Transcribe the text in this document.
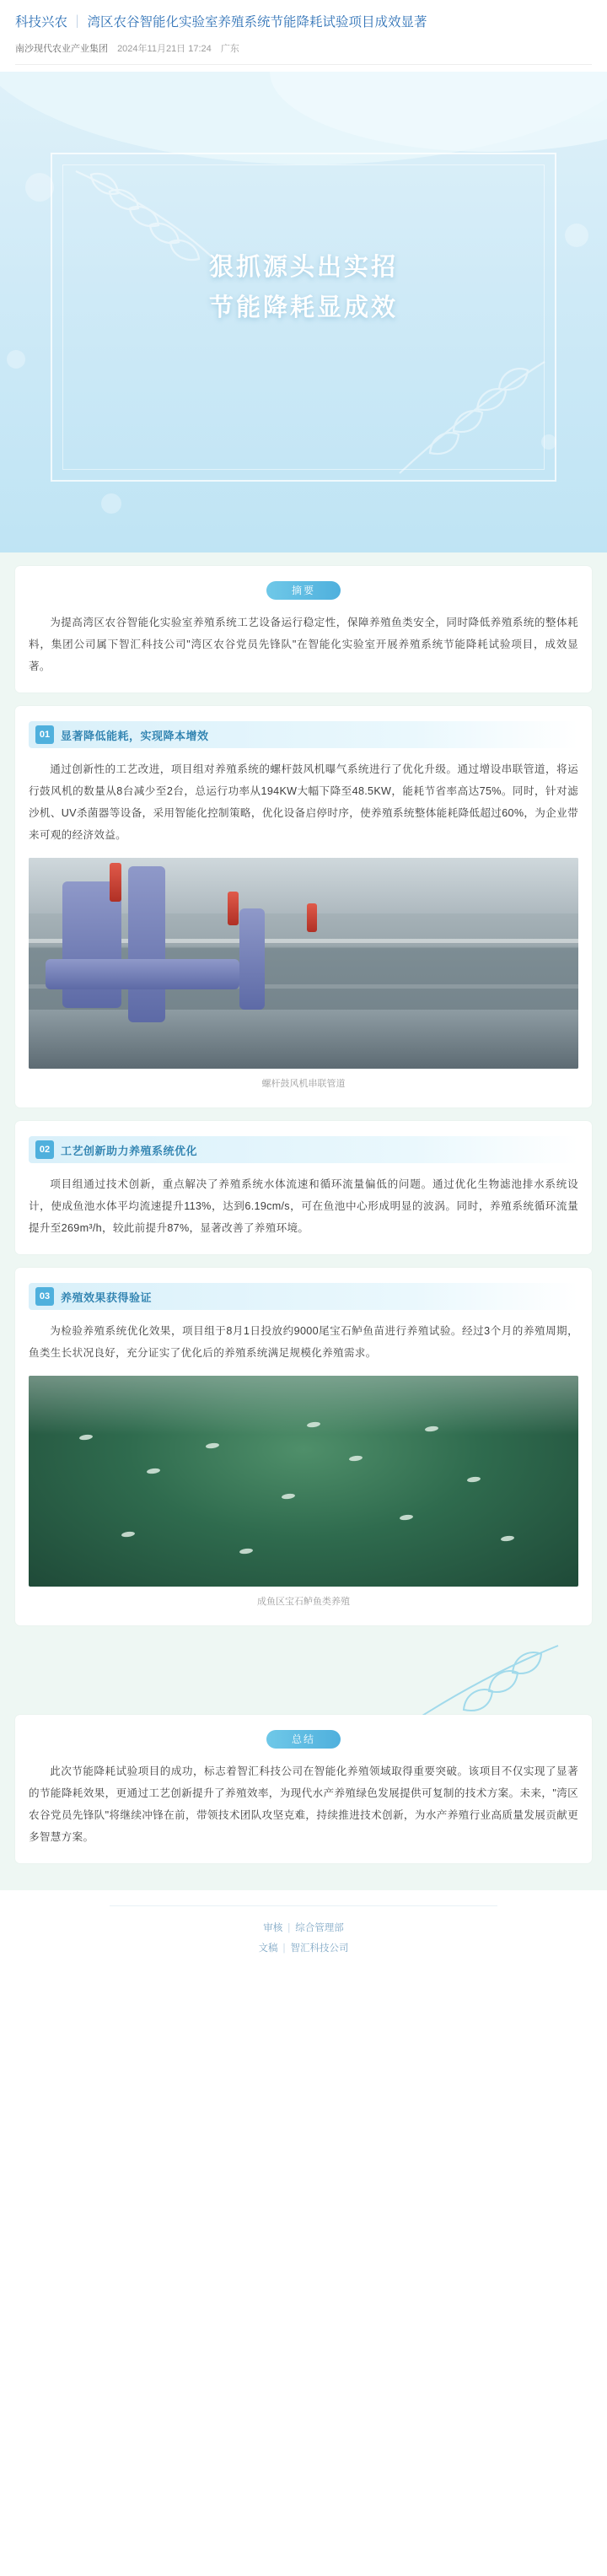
科技兴农 ｜ 湾区农谷智能化实验室养殖系统节能降耗试验项目成效显著
南沙现代农业产业集团 2024年11月21日 17:24 广东
狠抓源头出实招
节能降耗显成效
摘要

为提高湾区农谷智能化实验室养殖系统工艺设备运行稳定性，保障养殖鱼类安全，同时降低养殖系统的整体耗料，集团公司属下智汇科技公司"湾区农谷党员先锋队"在智能化实验室开展养殖系统节能降耗试验项目，成效显著。

01 显著降低能耗，实现降本增效

通过创新性的工艺改进，项目组对养殖系统的螺杆鼓风机曝气系统进行了优化升级。通过增设串联管道，将运行鼓风机的数量从8台减少至2台，总运行功率从194KW大幅下降至48.5KW，能耗节省率高达75%。同时，针对滤沙机、UV杀菌器等设备，采用智能化控制策略，优化设备启停时序，使养殖系统整体能耗降低超过60%，为企业带来可观的经济效益。

螺杆鼓风机串联管道
02 工艺创新助力养殖系统优化

项目组通过技术创新，重点解决了养殖系统水体流速和循环流量偏低的问题。通过优化生物滤池排水系统设计，使成鱼池水体平均流速提升113%，达到6.19cm/s，可在鱼池中心形成明显的波涡。同时，养殖系统循环流量提升至269m³/h，较此前提升87%，显著改善了养殖环境。

03 养殖效果获得验证

为检验养殖系统优化效果，项目组于8月1日投放约9000尾宝石鲈鱼苗进行养殖试验。经过3个月的养殖周期，鱼类生长状况良好，充分证实了优化后的养殖系统满足规模化养殖需求。

成鱼区宝石鲈鱼类养殖
总结

此次节能降耗试验项目的成功，标志着智汇科技公司在智能化养殖领域取得重要突破。该项目不仅实现了显著的节能降耗效果，更通过工艺创新提升了养殖效率，为现代水产养殖绿色发展提供可复制的技术方案。未来，"湾区农谷党员先锋队"将继续冲锋在前，带领技术团队攻坚克难，持续推进技术创新，为水产养殖行业高质量发展贡献更多智慧方案。

审核 | 综合管理部
文稿 | 智汇科技公司
